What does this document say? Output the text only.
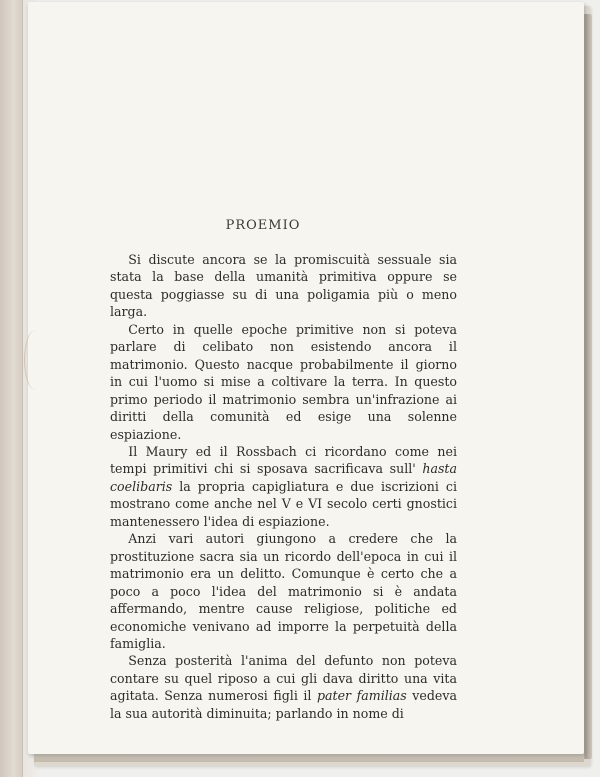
PROEMIO

Si discute ancora se la promiscuità sessuale sia stata la base della umanità primitiva oppure se questa poggiasse su di una poligamia più o meno larga.

Certo in quelle epoche primitive non si poteva parlare di celibato non esistendo ancora il matrimonio. Questo nacque probabilmente il giorno in cui l'uomo si mise a coltivare la terra. In questo primo periodo il matrimonio sembra un'infrazione ai diritti della comunità ed esige una solenne espiazione.

Il Maury ed il Rossbach ci ricordano come nei tempi primitivi chi si sposava sacrificava sull' hasta coelibaris la propria capigliatura e due iscrizioni ci mostrano come anche nel V e VI secolo certi gnostici mantenessero l'idea di espiazione.

Anzi vari autori giungono a credere che la prostituzione sacra sia un ricordo dell'epoca in cui il matrimonio era un delitto. Comunque è certo che a poco a poco l'idea del matrimonio si è andata affermando, mentre cause religiose, politiche ed economiche venivano ad imporre la perpetuità della famiglia.

Senza posterità l'anima del defunto non poteva contare su quel riposo a cui gli dava diritto una vita agitata. Senza numerosi figli il pater familias vedeva la sua autorità diminuita; parlando in nome di
